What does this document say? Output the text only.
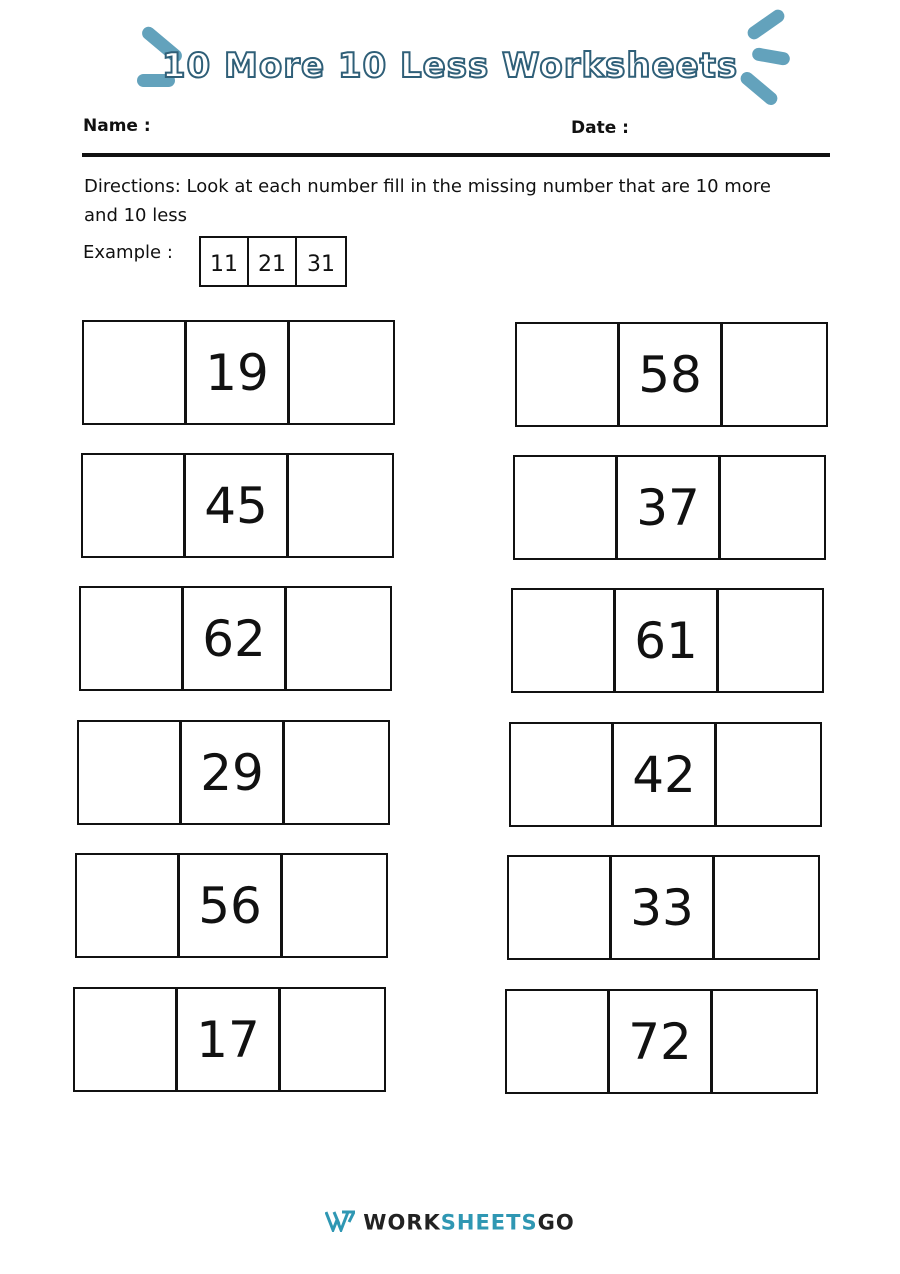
10 More 10 Less Worksheets
Name :	Date :
Directions: Look at each number fill in the missing number that are 10 more and 10 less
Example :	11 21 31
19
45
62
29
56
17
58
37
61
42
33
72
WORKSHEETSGO
